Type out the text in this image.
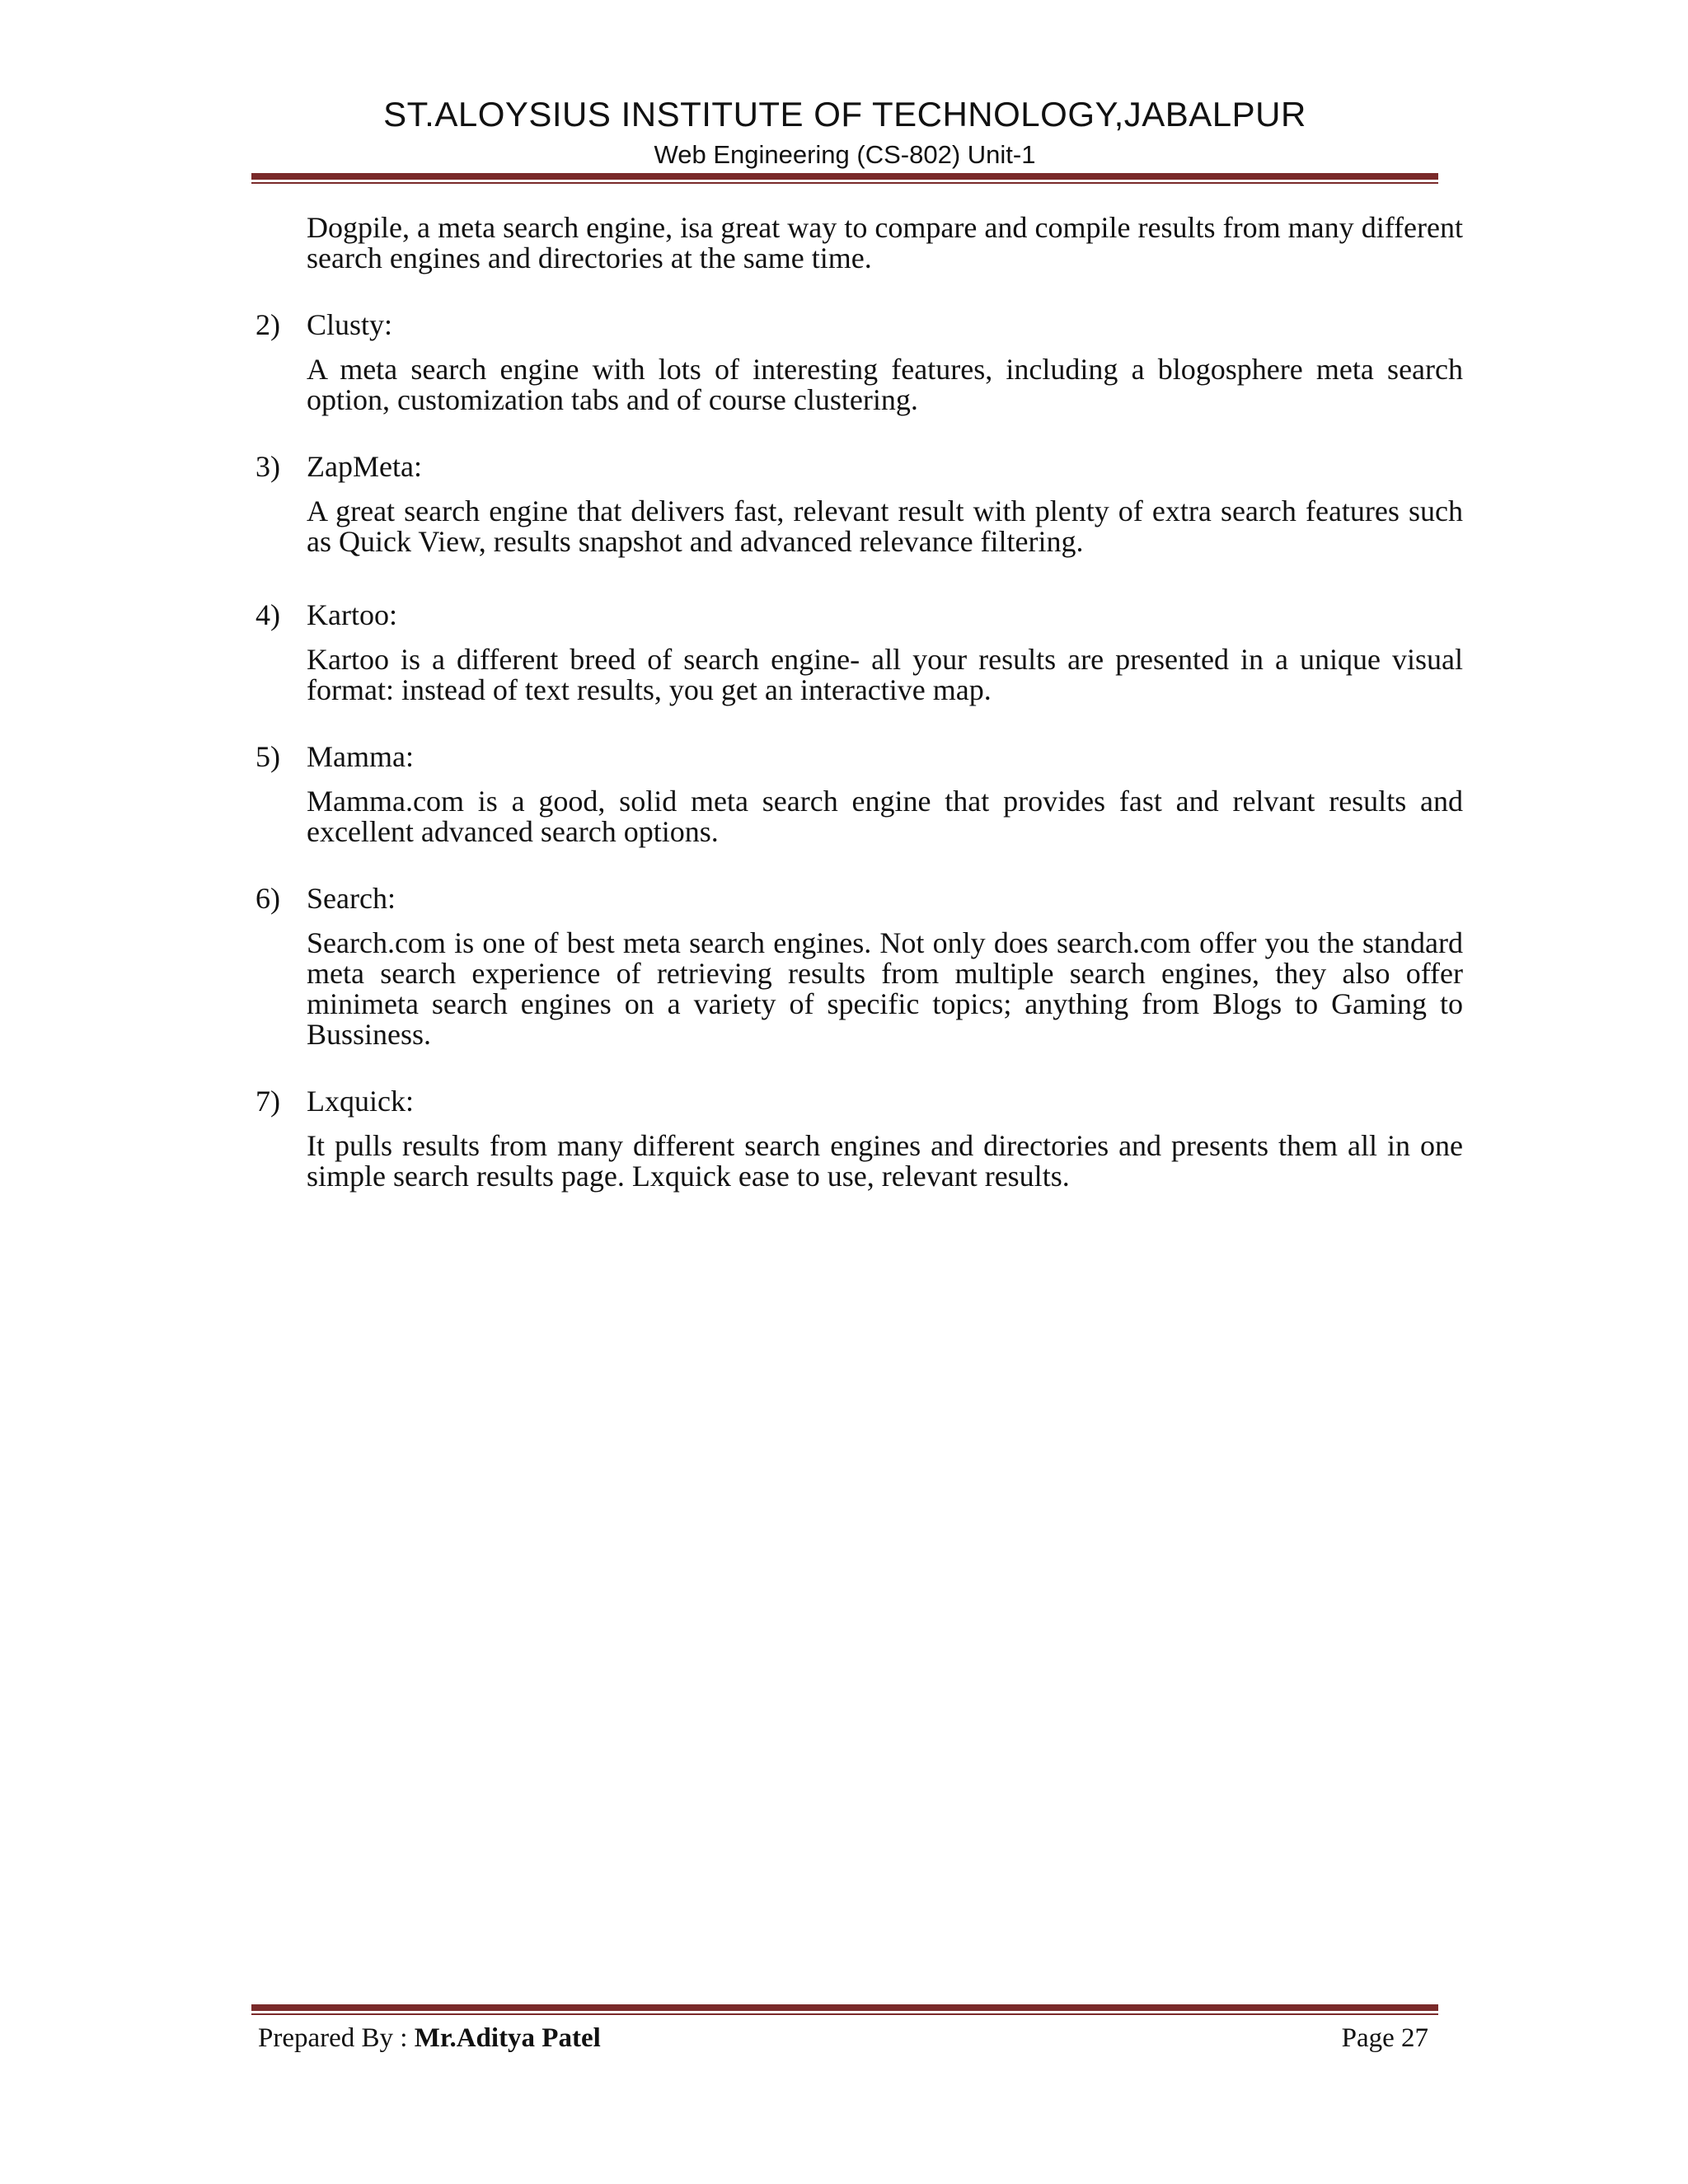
ST.ALOYSIUS INSTITUTE OF TECHNOLOGY,JABALPUR
Web Engineering (CS-802) Unit-1
Dogpile, a meta search engine, isa great way to compare and compile results from many different search engines and directories at the same time.
2) Clusty:
A meta search engine with lots of interesting features, including a blogosphere meta search option, customization tabs and of course clustering.
3) ZapMeta:
A great search engine that delivers fast, relevant result with plenty of extra search features such as Quick View, results snapshot and advanced relevance filtering.
4) Kartoo:
Kartoo is a different breed of search engine- all your results are presented in a unique visual format: instead of text results, you get an interactive map.
5) Mamma:
Mamma.com is a good, solid meta search engine that provides fast and relvant results and excellent advanced search options.
6) Search:
Search.com is one of best meta search engines. Not only does search.com offer you the standard meta search experience of retrieving results from multiple search engines, they also offer minimeta search engines on a variety of specific topics; anything from Blogs to Gaming to Bussiness.
7) Lxquick:
It pulls results from many different search engines and directories and presents them all in one simple search results page. Lxquick ease to use, relevant results.
Prepared By : Mr.Aditya Patel	Page 27
